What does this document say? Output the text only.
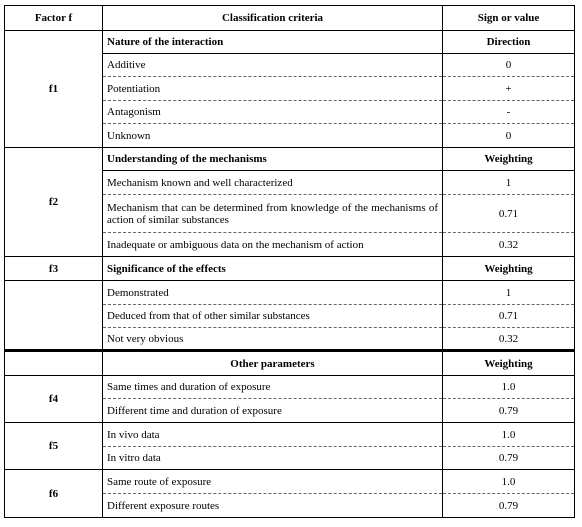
Factor f	Classification criteria	Sign or value
f1	Nature of the interaction	Direction
	Additive	0
	Potentiation	+
	Antagonism	-
	Unknown	0
f2	Understanding of the mechanisms	Weighting
	Mechanism known and well characterized	1
	Mechanism that can be determined from knowledge of the mechanisms of action of similar substances	0.71
	Inadequate or ambiguous data on the mechanism of action	0.32
f3	Significance of the effects	Weighting
	Demonstrated	1
	Deduced from that of other similar substances	0.71
	Not very obvious	0.32
	Other parameters	Weighting
f4	Same times and duration of exposure	1.0
	Different time and duration of exposure	0.79
f5	In vivo data	1.0
	In vitro data	0.79
f6	Same route of exposure	1.0
	Different exposure routes	0.79
